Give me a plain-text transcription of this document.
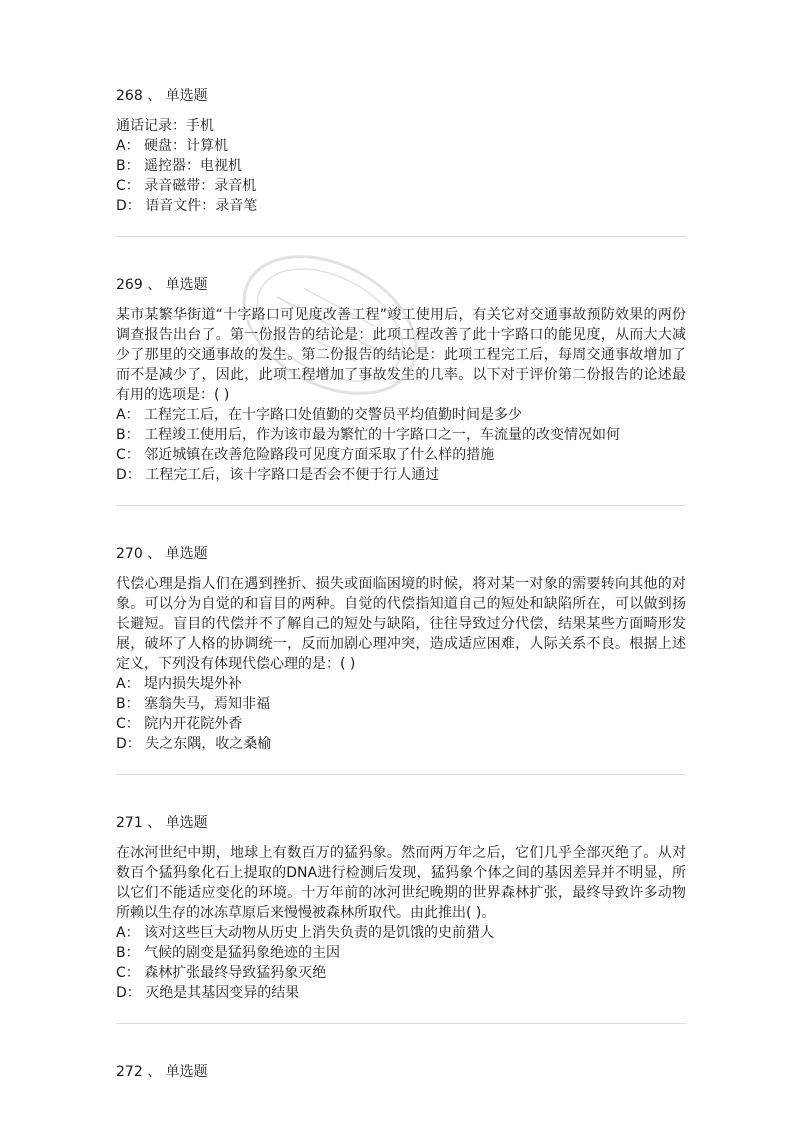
268 、 单选题
通话记录：手机
A： 硬盘：计算机
B： 遥控器：电视机
C： 录音磁带：录音机
D： 语音文件：录音笔
269 、 单选题
某市某繁华街道“十字路口可见度改善工程”竣工使用后，有关它对交通事故预防效果的两份调查报告出台了。第一份报告的结论是：此项工程改善了此十字路口的能见度，从而大大减少了那里的交通事故的发生。第二份报告的结论是：此项工程完工后，每周交通事故增加了而不是减少了，因此，此项工程增加了事故发生的几率。以下对于评价第二份报告的论述最有用的选项是：( )
A： 工程完工后，在十字路口处值勤的交警员平均值勤时间是多少
B： 工程竣工使用后，作为该市最为繁忙的十字路口之一，车流量的改变情况如何
C： 邻近城镇在改善危险路段可见度方面采取了什么样的措施
D： 工程完工后，该十字路口是否会不便于行人通过
270 、 单选题
代偿心理是指人们在遇到挫折、损失或面临困境的时候，将对某一对象的需要转向其他的对象。可以分为自觉的和盲目的两种。自觉的代偿指知道自己的短处和缺陷所在，可以做到扬长避短。盲目的代偿并不了解自己的短处与缺陷，往往导致过分代偿，结果某些方面畸形发展，破坏了人格的协调统一，反而加剧心理冲突，造成适应困难，人际关系不良。根据上述定义，下列没有体现代偿心理的是：( )
A： 堤内损失堤外补
B： 塞翁失马，焉知非福
C： 院内开花院外香
D： 失之东隅，收之桑榆
271 、 单选题
在冰河世纪中期，地球上有数百万的猛犸象。然而两万年之后，它们几乎全部灭绝了。从对数百个猛犸象化石上提取的DNA进行检测后发现，猛犸象个体之间的基因差异并不明显，所以它们不能适应变化的环境。十万年前的冰河世纪晚期的世界森林扩张，最终导致许多动物所赖以生存的冰冻草原后来慢慢被森林所取代。由此推出( )。
A： 该对这些巨大动物从历史上消失负责的是饥饿的史前猎人
B： 气候的剧变是猛犸象绝迹的主因
C： 森林扩张最终导致猛犸象灭绝
D： 灭绝是其基因变异的结果
272 、 单选题
